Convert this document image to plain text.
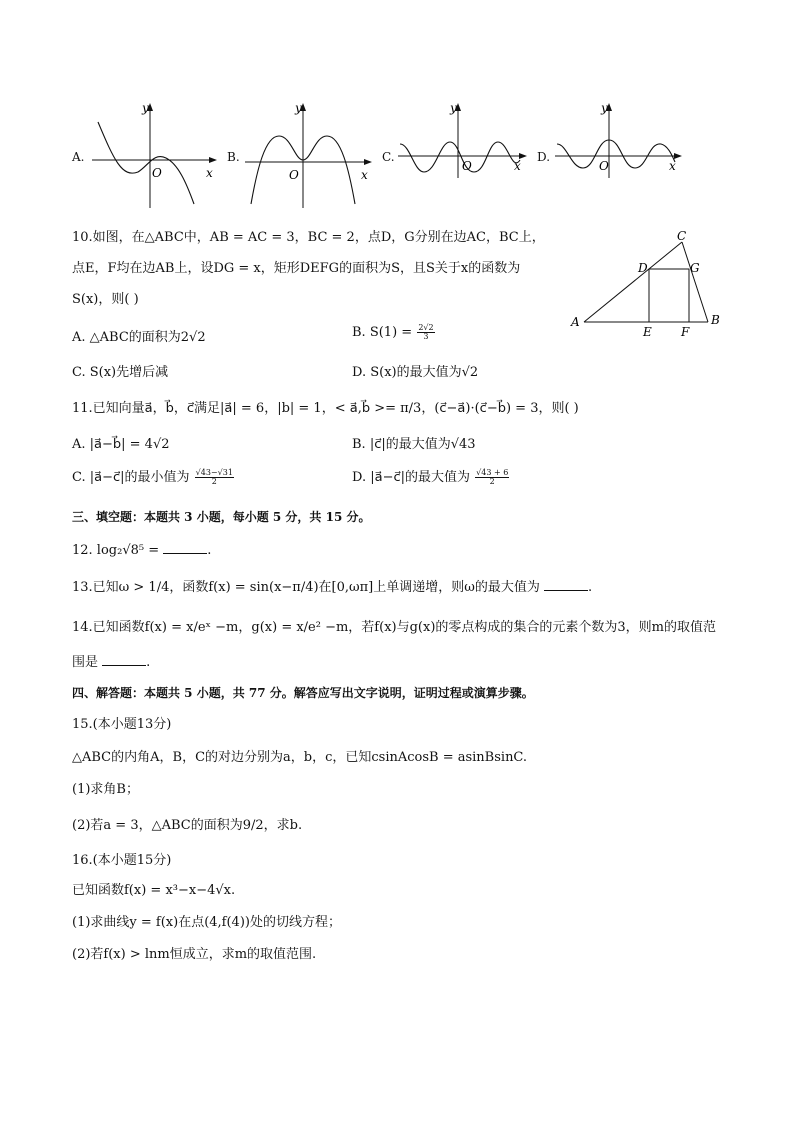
A.
y
x
O
B.
y
x
O
C.
y
x
O
D.
y
x
O
10.如图，在△ABC中，AB = AC = 3，BC = 2，点D，G分别在边AC，BC上，
点E，F均在边AB上，设DG = x，矩形DEFG的面积为S，且S关于x的函数为
S(x)，则( )
A	B
C
D	G
E F
A. △ABC的面积为2√2	B. $S(1) = \frac{2√2}{3}$
C. S(x)先增后减	D. S(x)的最大值为√2
11.已知向量a⃗，b⃗，c⃗满足|a⃗| = 6，|b| = 1，< a⃗,b⃗ >= π/3，(c⃗−a⃗)·(c⃗−b⃗) = 3，则( )
A. |a⃗−b⃗| = 4√2	B. |c⃗|的最大值为√43
C. |a⃗−c⃗|的最小值为 $\frac{√43-√31}{2}$	D. |a⃗−c⃗|的最大值为 $\frac{√43 + 6}{2}$
三、填空题：本题共 3 小题，每小题 5 分，共 15 分。
12. log₂√8⁵ =	.
13.已知ω > 1/4，函数f(x) = sin(x−π/4)在[0,ωπ]上单调递增，则ω的最大值为	.
14.已知函数f(x) = x/eˣ −m，g(x) = x/e² −m，若f(x)与g(x)的零点构成的集合的元素个数为3，则m的取值范
围是	.
四、解答题：本题共 5 小题，共 77 分。解答应写出文字说明，证明过程或演算步骤。
15.(本小题13分)
△ABC的内角A，B，C的对边分别为a，b，c，已知csinAcosB = asinBsinC.
(1)求角B；
(2)若a = 3，△ABC的面积为9/2，求b.
16.(本小题15分)
已知函数f(x) = x³−x−4√x.
(1)求曲线y = f(x)在点(4,f(4))处的切线方程；
(2)若f(x) > lnm恒成立，求m的取值范围.
